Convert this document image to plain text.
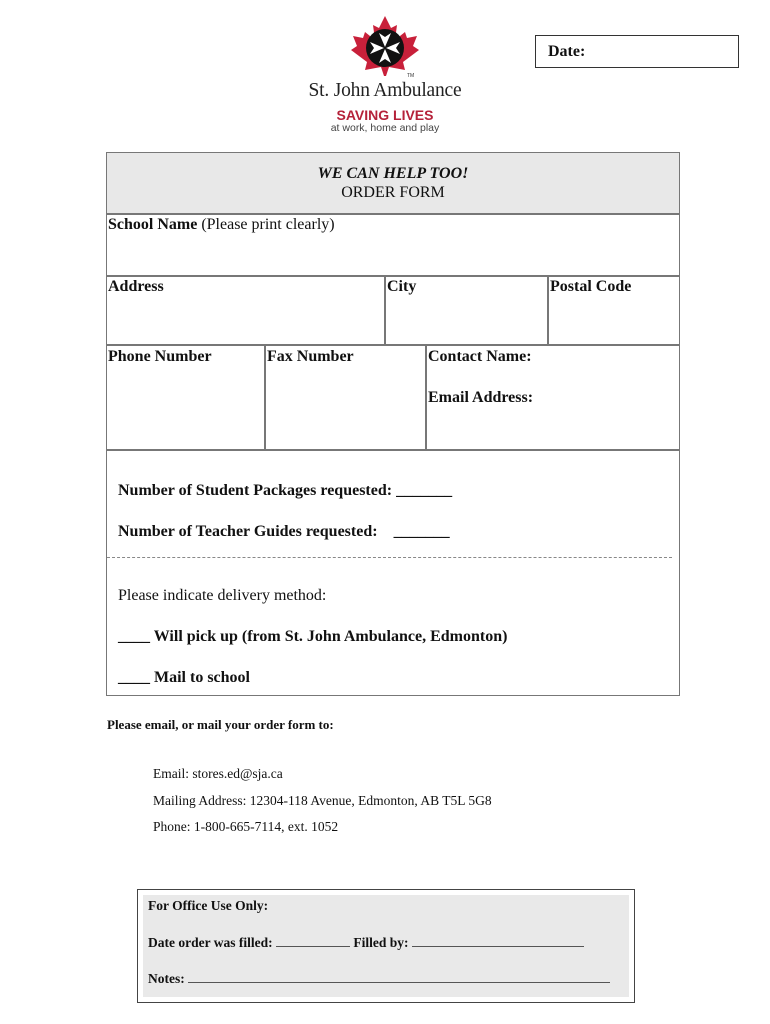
TM
St. John Ambulance
SAVING LIVES
at work, home and play
Date:
WE CAN HELP TOO!
ORDER FORM
School Name (Please print clearly)
Address	City	Postal Code
Phone Number	Fax Number	Contact Name:
Email Address:
Number of Student Packages requested: _______
Number of Teacher Guides requested: _______
Please indicate delivery method:
____ Will pick up (from St. John Ambulance, Edmonton)
____ Mail to school
Please email, or mail your order form to:
Email: stores.ed@sja.ca
Mailing Address: 12304-118 Avenue, Edmonton, AB T5L 5G8
Phone: 1-800-665-7114, ext. 1052
For Office Use Only:
Date order was filled:	Filled by:
Notes:
